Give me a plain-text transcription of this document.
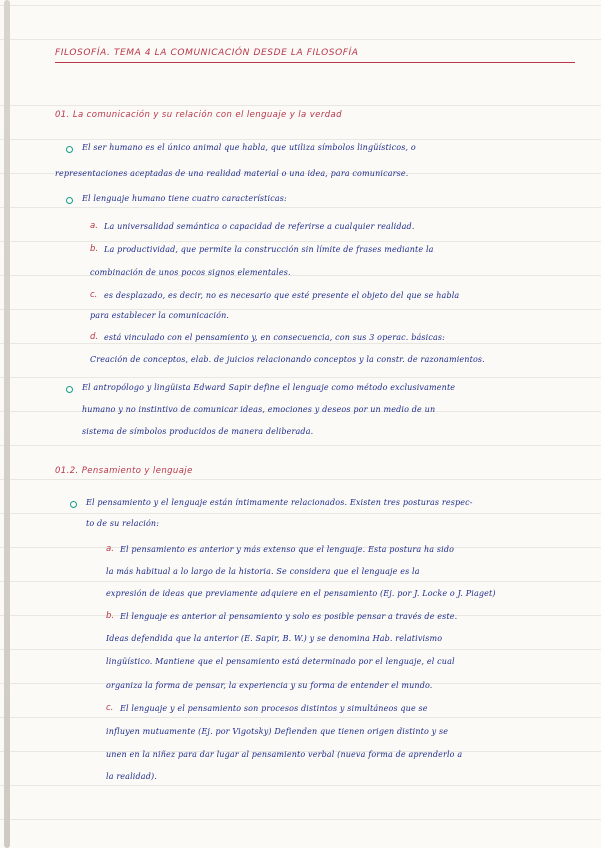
FILOSOFÍA. TEMA 4 LA COMUNICACIÓN DESDE LA FILOSOFÍA
01. La comunicación y su relación con el lenguaje y la verdad
El ser humano es el único animal que habla, que utiliza símbolos lingüísticos, o
representaciones aceptadas de una realidad material o una idea, para comunicarse.
El lenguaje humano tiene cuatro características:
a. La universalidad semántica o capacidad de referirse a cualquier realidad.
b. La productividad, que permite la construcción sin límite de frases mediante la
combinación de unos pocos signos elementales.
c. es desplazado, es decir, no es necesario que esté presente el objeto del que se habla
para establecer la comunicación.
d. está vinculado con el pensamiento y, en consecuencia, con sus 3 operac. básicas:
Creación de conceptos, elab. de juicios relacionando conceptos y la constr. de razonamientos.
El antropólogo y lingüista Edward Sapir define el lenguaje como método exclusivamente
humano y no instintivo de comunicar ideas, emociones y deseos por un medio de un
sistema de símbolos producidos de manera deliberada.
01.2. Pensamiento y lenguaje
El pensamiento y el lenguaje están íntimamente relacionados. Existen tres posturas respec-
to de su relación:
a. El pensamiento es anterior y más extenso que el lenguaje. Esta postura ha sido
la más habitual a lo largo de la historia. Se considera que el lenguaje es la
expresión de ideas que previamente adquiere en el pensamiento (Ej. por J. Locke o J. Piaget)
b. El lenguaje es anterior al pensamiento y solo es posible pensar a través de este.
Ideas defendida que la anterior (E. Sapir, B. W.) y se denomina Hab. relativismo
lingüístico. Mantiene que el pensamiento está determinado por el lenguaje, el cual
organiza la forma de pensar, la experiencia y su forma de entender el mundo.
c. El lenguaje y el pensamiento son procesos distintos y simultáneos que se
influyen mutuamente (Ej. por Vigotsky) Defienden que tienen origen distinto y se
unen en la niñez para dar lugar al pensamiento verbal (nueva forma de aprenderlo a
la realidad).
